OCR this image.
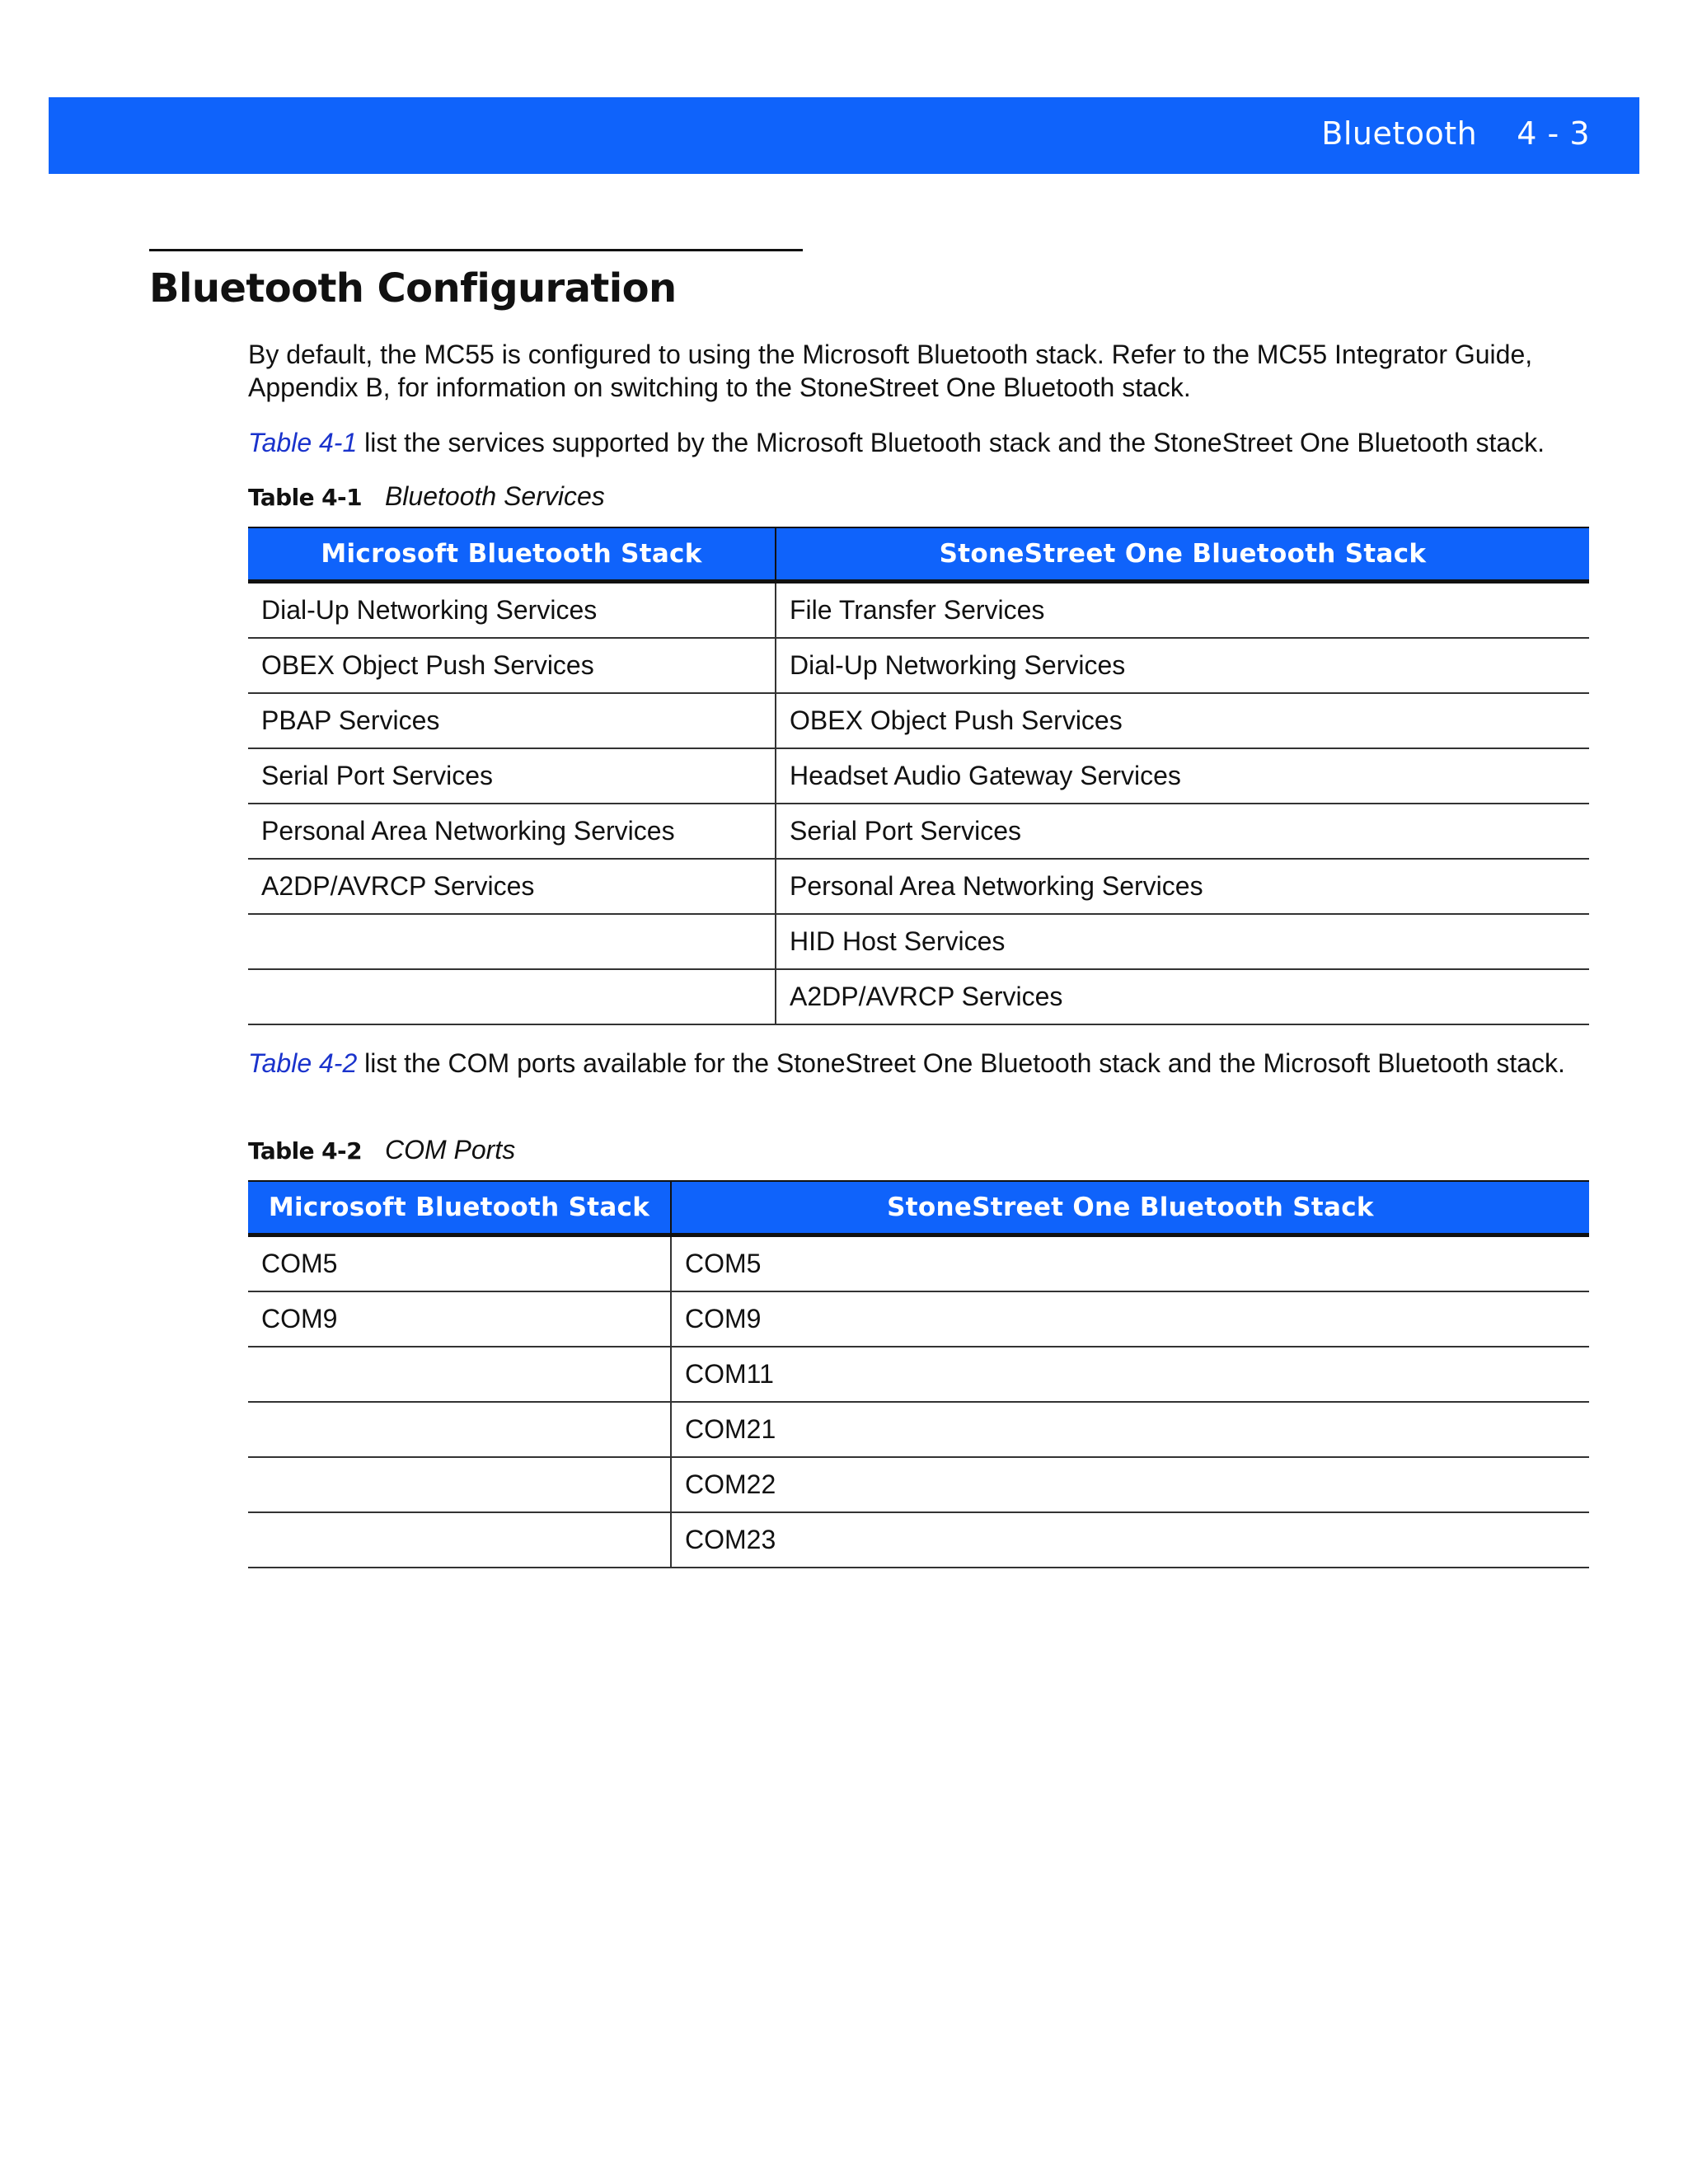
Bluetooth 4 - 3
Bluetooth Configuration

By default, the MC55 is configured to using the Microsoft Bluetooth stack. Refer to the MC55 Integrator Guide, Appendix B, for information on switching to the StoneStreet One Bluetooth stack.

Table 4-1 list the services supported by the Microsoft Bluetooth stack and the StoneStreet One Bluetooth stack.

Table 4-1 Bluetooth Services
Microsoft Bluetooth Stack	StoneStreet One Bluetooth Stack
Dial-Up Networking Services	File Transfer Services
OBEX Object Push Services	Dial-Up Networking Services
PBAP Services	OBEX Object Push Services
Serial Port Services	Headset Audio Gateway Services
Personal Area Networking Services	Serial Port Services
A2DP/AVRCP Services	Personal Area Networking Services
	HID Host Services
	A2DP/AVRCP Services

Table 4-2 list the COM ports available for the StoneStreet One Bluetooth stack and the Microsoft Bluetooth stack.

Table 4-2 COM Ports
Microsoft Bluetooth Stack	StoneStreet One Bluetooth Stack
COM5	COM5
COM9	COM9
	COM11
	COM21
	COM22
	COM23
